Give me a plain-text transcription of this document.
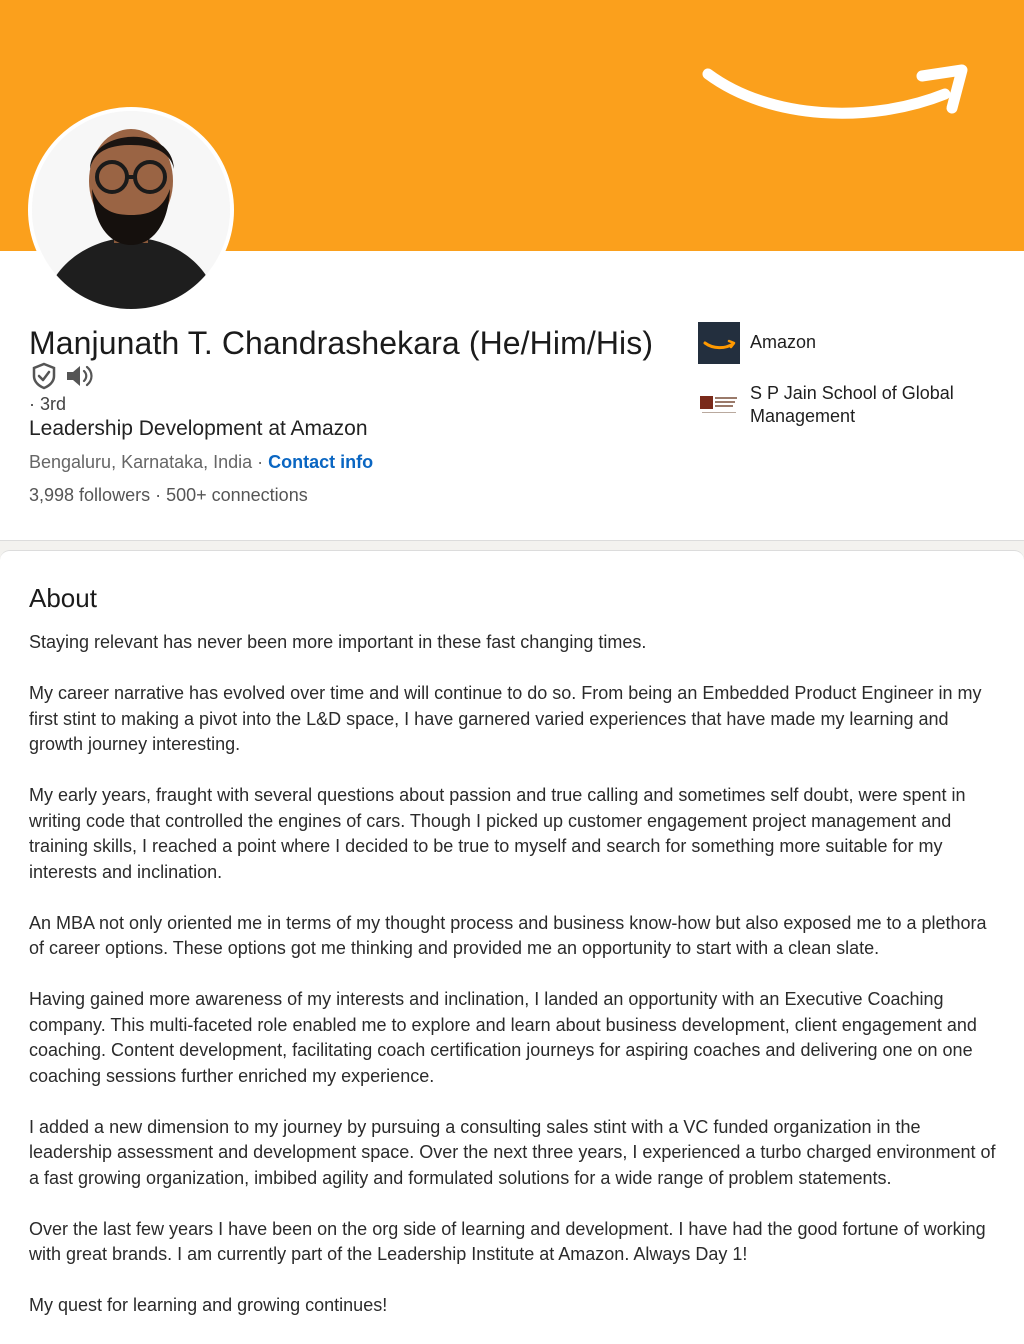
Manjunath T. Chandrashekara (He/Him/His)
· 3rd
Leadership Development at Amazon
Bengaluru, Karnataka, India · Contact info
3,998 followers · 500+ connections
Amazon
S P Jain School of Global Management
About

Staying relevant has never been more important in these fast changing times.

My career narrative has evolved over time and will continue to do so. From being an Embedded Product Engineer in my first stint to making a pivot into the L&D space, I have garnered varied experiences that have made my learning and growth journey interesting.

My early years, fraught with several questions about passion and true calling and sometimes self doubt, were spent in writing code that controlled the engines of cars. Though I picked up customer engagement project management and training skills, I reached a point where I decided to be true to myself and search for something more suitable for my interests and inclination.

An MBA not only oriented me in terms of my thought process and business know-how but also exposed me to a plethora of career options. These options got me thinking and provided me an opportunity to start with a clean slate.

Having gained more awareness of my interests and inclination, I landed an opportunity with an Executive Coaching company. This multi-faceted role enabled me to explore and learn about business development, client engagement and coaching. Content development, facilitating coach certification journeys for aspiring coaches and delivering one on one coaching sessions further enriched my experience.

I added a new dimension to my journey by pursuing a consulting sales stint with a VC funded organization in the leadership assessment and development space. Over the next three years, I experienced a turbo charged environment of a fast growing organization, imbibed agility and formulated solutions for a wide range of problem statements.

Over the last few years I have been on the org side of learning and development. I have had the good fortune of working with great brands. I am currently part of the Leadership Institute at Amazon. Always Day 1!

My quest for learning and growing continues!
